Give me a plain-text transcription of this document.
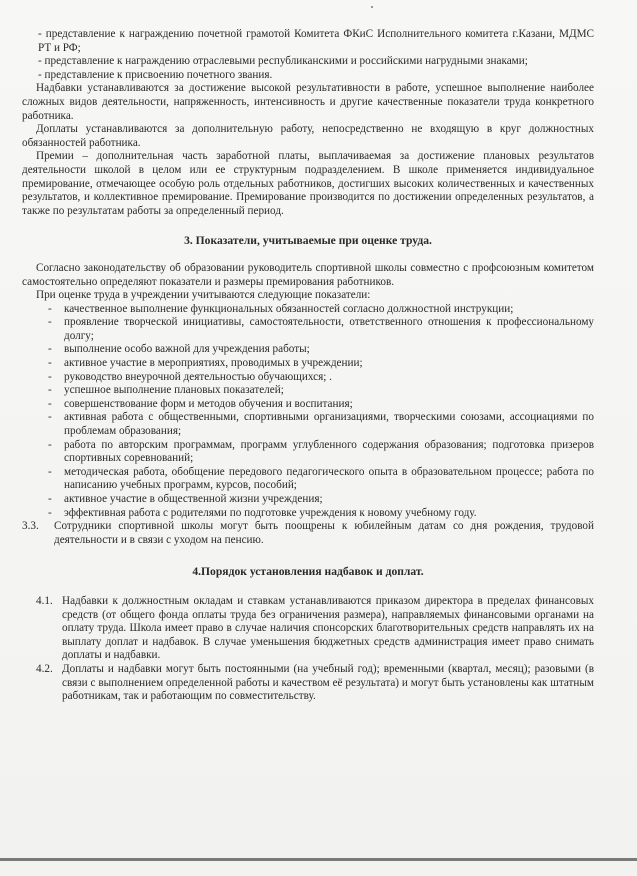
- представление к награждению почетной грамотой Комитета ФКиС Исполнительного комитета г.Казани, МДМС РТ и РФ;

- представление к награждению отраслевыми республиканскими и российскими нагрудными знаками;

- представление к присвоению почетного звания.

Надбавки устанавливаются за достижение высокой результативности в работе, успешное выполнение наиболее сложных видов деятельности, напряженность, интенсивность и другие качественные показатели труда конкретного работника.

Доплаты устанавливаются за дополнительную работу, непосредственно не входящую в круг должностных обязанностей работника.

Премии – дополнительная часть заработной платы, выплачиваемая за достижение плановых результатов деятельности школой в целом или ее структурным подразделением. В школе применяется индивидуальное премирование, отмечающее особую роль отдельных работников, достигших высоких количественных и качественных результатов, и коллективное премирование. Премирование производится по достижении определенных результатов, а также по результатам работы за определенный период.

3. Показатели, учитываемые при оценке труда.

Согласно законодательству об образовании руководитель спортивной школы совместно с профсоюзным комитетом самостоятельно определяют показатели и размеры премирования работников.

При оценке труда в учреждении учитываются следующие показатели:

- качественное выполнение функциональных обязанностей согласно должностной инструкции;
- проявление творческой инициативы, самостоятельности, ответственного отношения к профессиональному долгу;
- выполнение особо важной для учреждения работы;
- активное участие в мероприятиях, проводимых в учреждении;
- руководство внеурочной деятельностью обучающихся; .
- успешное выполнение плановых показателей;
- совершенствование форм и методов обучения и воспитания;
- активная работа с общественными, спортивными организациями, творческими союзами, ассоциациями по проблемам образования;
- работа по авторским программам, программ углубленного содержания образования; подготовка призеров спортивных соревнований;
- методическая работа, обобщение передового педагогического опыта в образовательном процессе; работа по написанию учебных программ, курсов, пособий;
- активное участие в общественной жизни учреждения;
- эффективная работа с родителями по подготовке учреждения к новому учебному году.

3.3. Сотрудники спортивной школы могут быть поощрены к юбилейным датам со дня рождения, трудовой деятельности и в связи с уходом на пенсию.

4.Порядок установления надбавок и доплат.

4.1. Надбавки к должностным окладам и ставкам устанавливаются приказом директора в пределах финансовых средств (от общего фонда оплаты труда без ограничения размера), направляемых финансовыми органами на оплату труда. Школа имеет право в случае наличия спонсорских благотворительных средств направлять их на выплату доплат и надбавок. В случае уменьшения бюджетных средств администрация имеет право снимать доплаты и надбавки.

4.2. Доплаты и надбавки могут быть постоянными (на учебный год); временными (квартал, месяц); разовыми (в связи с выполнением определенной работы и качеством её результата) и могут быть установлены как штатным работникам, так и работающим по совместительству.
